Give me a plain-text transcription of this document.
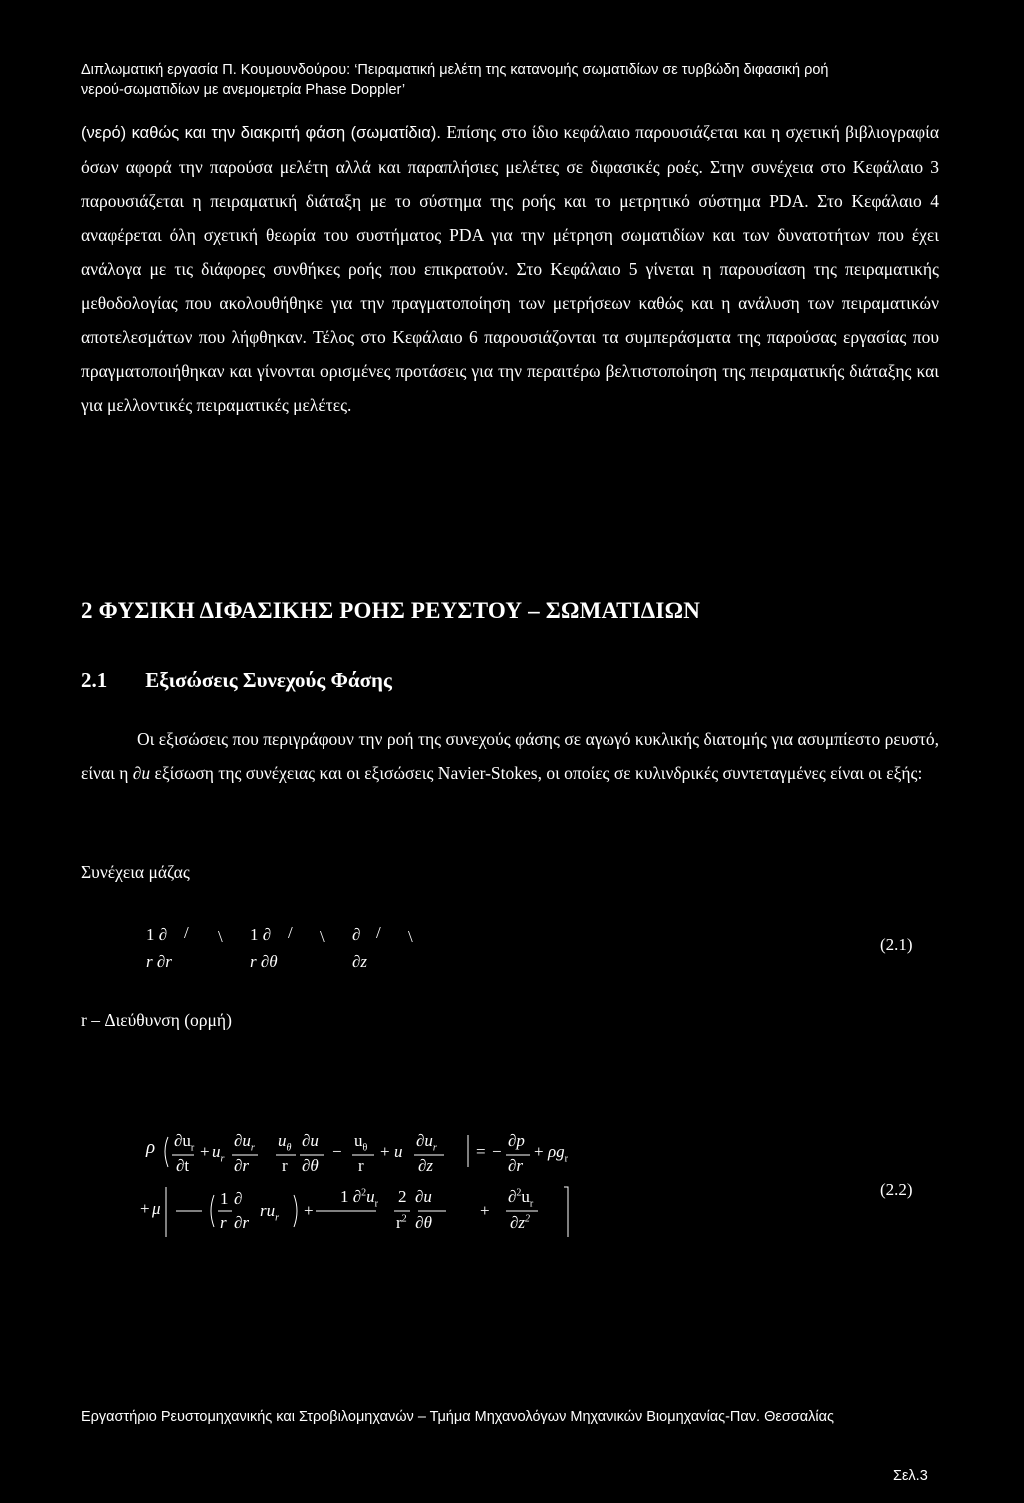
Διπλωματική εργασία Π. Κουμουνδούρου: ‘Πειραματική μελέτη της κατανομής σωματιδίων σε τυρβώδη διφασική ροή
νερού-σωματιδίων με ανεμομετρία Phase Doppler’
(νερό) καθώς και την διακριτή φάση (σωματίδια). Επίσης στο ίδιο κεφάλαιο παρουσιάζεται και η σχετική βιβλιογραφία όσων αφορά την παρούσα μελέτη αλλά και παραπλήσιες μελέτες σε διφασικές ροές. Στην συνέχεια στο Κεφάλαιο 3 παρουσιάζεται η πειραματική διάταξη με το σύστημα της ροής και το μετρητικό σύστημα PDA. Στο Κεφάλαιο 4 αναφέρεται όλη σχετική θεωρία του συστήματος PDA για την μέτρηση σωματιδίων και των δυνατοτήτων που έχει ανάλογα με τις διάφορες συνθήκες ροής που επικρατούν. Στο Κεφάλαιο 5 γίνεται η παρουσίαση της πειραματικής μεθοδολογίας που ακολουθήθηκε για την πραγματοποίηση των μετρήσεων καθώς και η ανάλυση των πειραματικών αποτελεσμάτων που λήφθηκαν. Τέλος στο Κεφάλαιο 6 παρουσιάζονται τα συμπεράσματα της παρούσας εργασίας που πραγματοποιήθηκαν και γίνονται ορισμένες προτάσεις για την περαιτέρω βελτιστοποίηση της πειραματικής διάταξης και για μελλοντικές πειραματικές μελέτες.
2 ΦΥΣΙΚΗ ΔΙΦΑΣΙΚΗΣ ΡΟΗΣ ΡΕΥΣΤΟΥ – ΣΩΜΑΤΙΔΙΩΝ
2.1 Εξισώσεις Συνεχούς Φάσης
Οι εξισώσεις που περιγράφουν την ροή της συνεχούς φάσης σε αγωγό κυκλικής διατομής για ασυμπίεστο ρευστό, είναι η ∂u εξίσωση της συνέχειας και οι εξισώσεις Navier-Stokes, οι οποίες σε κυλινδρικές συντεταγμένες είναι οι εξής:
Συνέχεια μάζας
1 ∂ / \
r ∂r
1 ∂ / \
r ∂θ
∂ / \
∂z
(2.1)
r – Διεύθυνση (ορμή)
ρ $\partial u_r$
∂t
+ $u_r$
$\partial u_r$
∂r
$u_\theta$ ∂u
r ∂θ
−
$u_\theta$
r
+ u
$\partial u_r$
∂z
= −
∂p
∂r
+ $\rho g_r$
+ μ
1
r
∂
∂r
$ru_r$ +
1 $\partial^2u_r$ 2 ∂u
$r^2$ ∂θ
+
$\partial^2u_r$
$\partial z^2$
(2.2)
Εργαστήριο Ρευστομηχανικής και Στροβιλομηχανών – Τμήμα Μηχανολόγων Μηχανικών Βιομηχανίας-Παν. Θεσσαλίας
Σελ.3
